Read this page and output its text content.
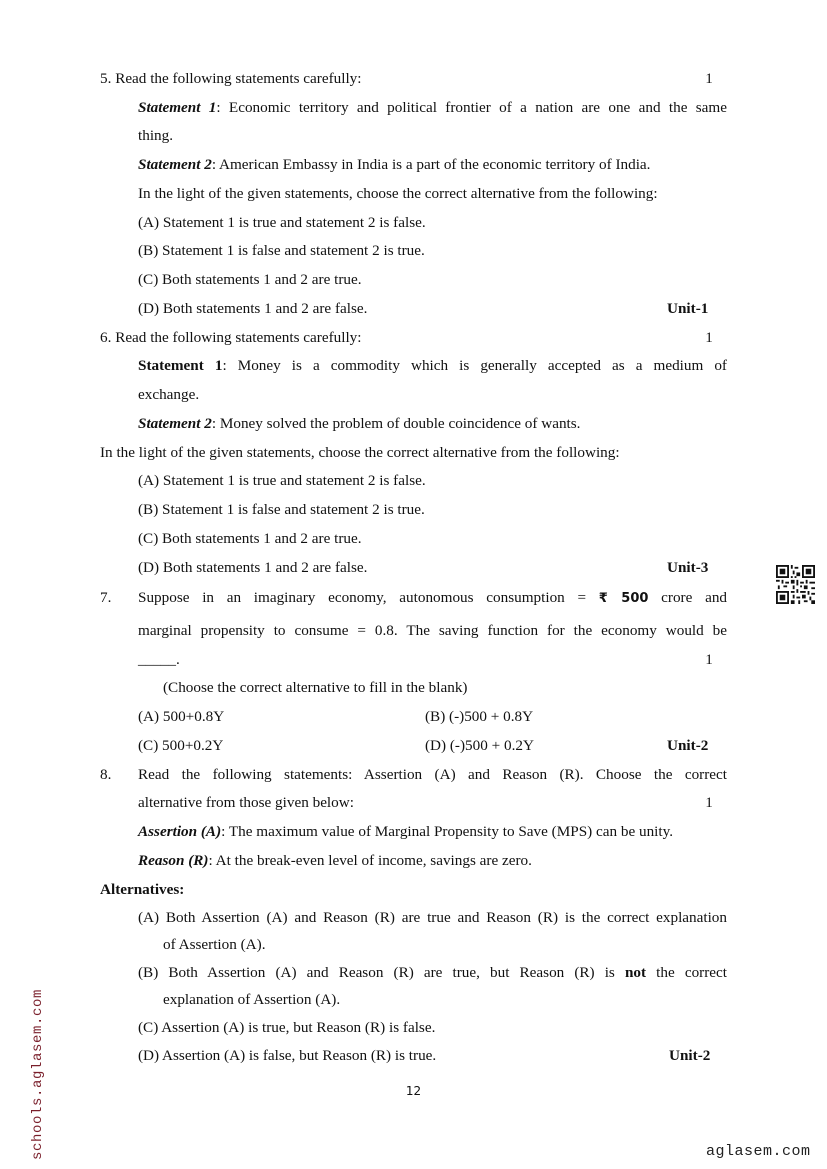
5. Read the following statements carefully:	1
Statement 1: Economic territory and political frontier of a nation are one and the same
thing.
Statement 2: American Embassy in India is a part of the economic territory of India.
In the light of the given statements, choose the correct alternative from the following:
(A) Statement 1 is true and statement 2 is false.
(B) Statement 1 is false and statement 2 is true.
(C) Both statements 1 and 2 are true.
(D) Both statements 1 and 2 are false.	Unit-1
6. Read the following statements carefully:	1
Statement 1: Money is a commodity which is generally accepted as a medium of
exchange.
Statement 2: Money solved the problem of double coincidence of wants.
In the light of the given statements, choose the correct alternative from the following:
(A) Statement 1 is true and statement 2 is false.
(B) Statement 1 is false and statement 2 is true.
(C) Both statements 1 and 2 are true.
(D) Both statements 1 and 2 are false.	Unit-3
7. Suppose in an imaginary economy, autonomous consumption = ₹ 500 crore and
marginal propensity to consume = 0.8. The saving function for the economy would be
_____.	1
(Choose the correct alternative to fill in the blank)
(A) 500+0.8Y	(B) (-)500 + 0.8Y
(C) 500+0.2Y	(D) (-)500 + 0.2Y	Unit-2
8. Read the following statements: Assertion (A) and Reason (R). Choose the correct
alternative from those given below:	1
Assertion (A): The maximum value of Marginal Propensity to Save (MPS) can be unity.
Reason (R): At the break-even level of income, savings are zero.
Alternatives:
(A) Both Assertion (A) and Reason (R) are true and Reason (R) is the correct explanation
of Assertion (A).
(B) Both Assertion (A) and Reason (R) are true, but Reason (R) is not the correct
explanation of Assertion (A).
(C) Assertion (A) is true, but Reason (R) is false.
(D) Assertion (A) is false, but Reason (R) is true.	Unit-2
12
aglasem.com
schools.aglasem.com
